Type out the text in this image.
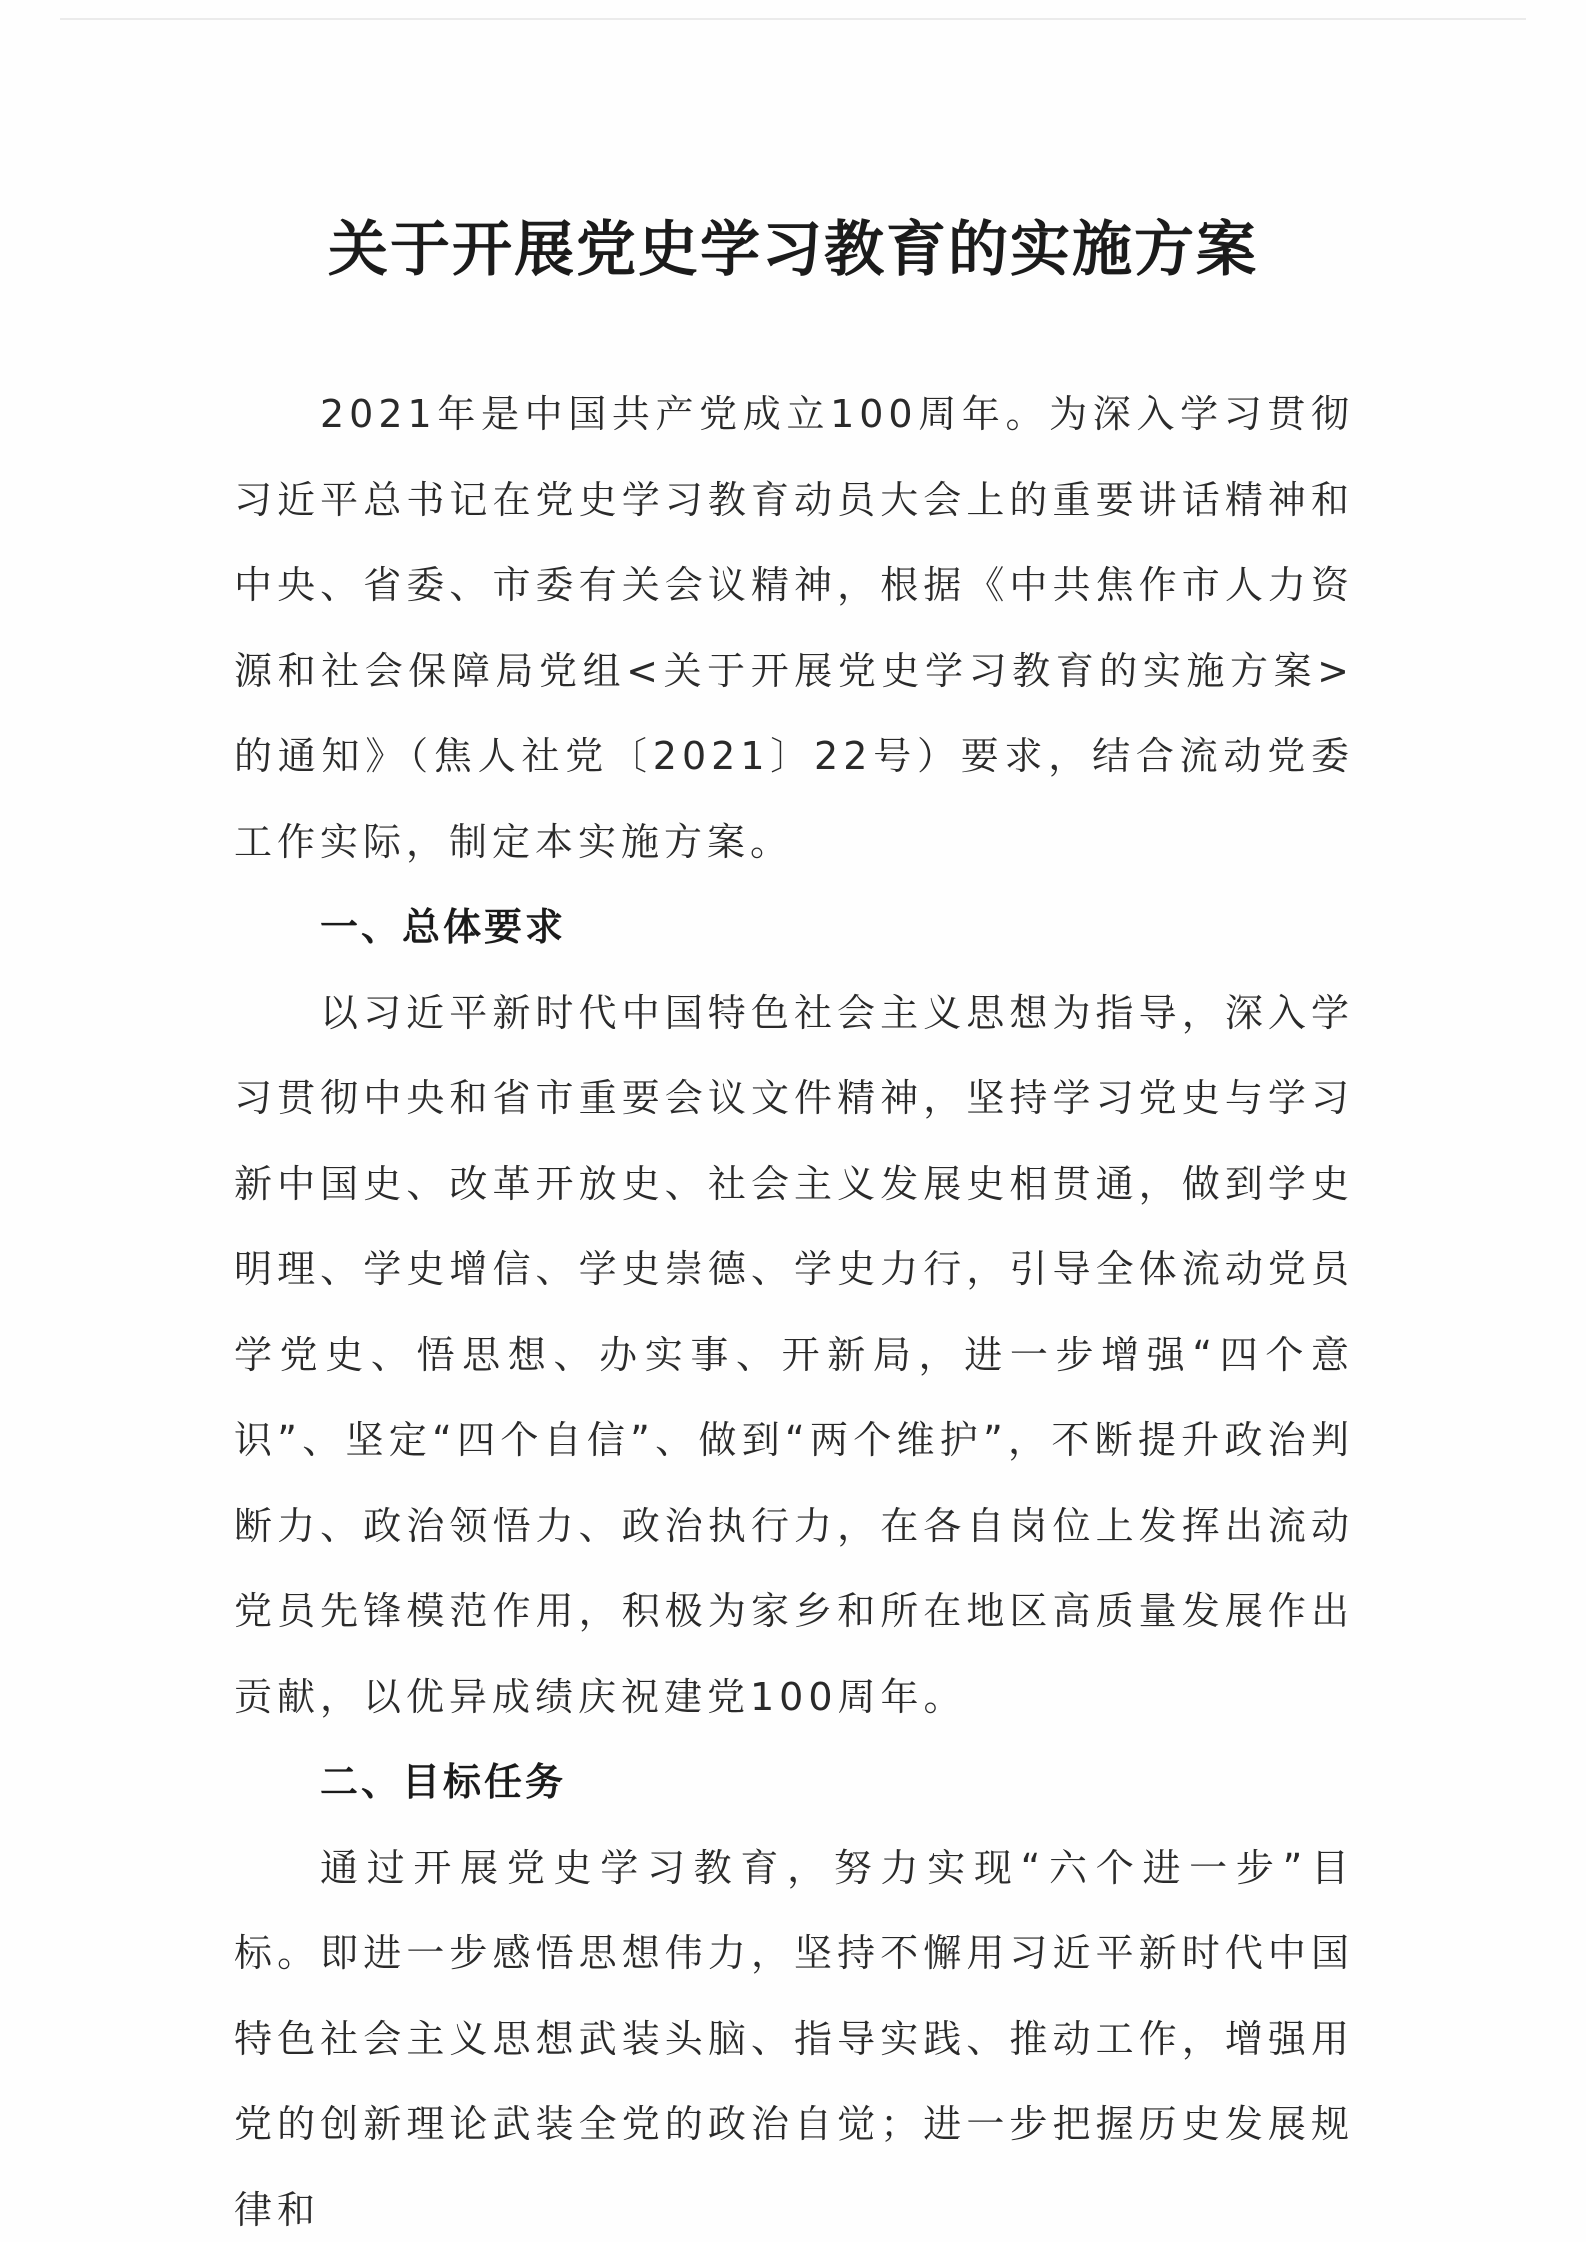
关于开展党史学习教育的实施方案

2021年是中国共产党成立100周年。为深入学习贯彻习近平总书记在党史学习教育动员大会上的重要讲话精神和中央、省委、市委有关会议精神，根据《中共焦作市人力资源和社会保障局党组<关于开展党史学习教育的实施方案>的通知》（焦人社党〔2021〕22号）要求，结合流动党委工作实际，制定本实施方案。

一、总体要求

以习近平新时代中国特色社会主义思想为指导，深入学习贯彻中央和省市重要会议文件精神，坚持学习党史与学习新中国史、改革开放史、社会主义发展史相贯通，做到学史明理、学史增信、学史崇德、学史力行，引导全体流动党员学党史、悟思想、办实事、开新局，进一步增强“四个意识”、坚定“四个自信”、做到“两个维护”，不断提升政治判断力、政治领悟力、政治执行力，在各自岗位上发挥出流动党员先锋模范作用，积极为家乡和所在地区高质量发展作出贡献，以优异成绩庆祝建党100周年。

二、目标任务

通过开展党史学习教育，努力实现“六个进一步”目标。即进一步感悟思想伟力，坚持不懈用习近平新时代中国特色社会主义思想武装头脑、指导实践、推动工作，增强用党的创新理论武装全党的政治自觉；进一步把握历史发展规律和
